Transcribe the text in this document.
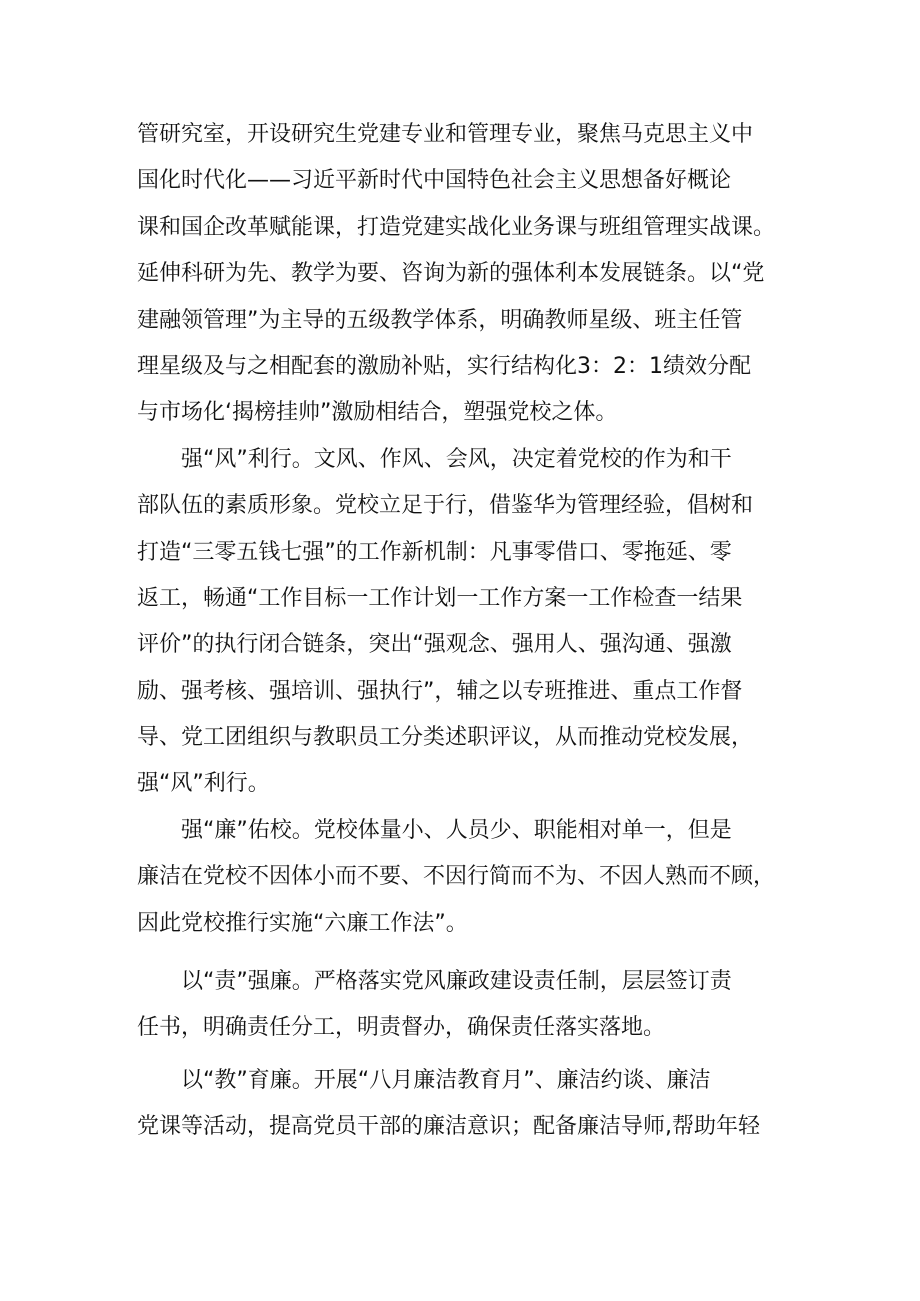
管研究室，开设研究生党建专业和管理专业，聚焦马克思主义中
国化时代化——习近平新时代中国特色社会主义思想备好概论
课和国企改革赋能课，打造党建实战化业务课与班组管理实战课。
延伸科研为先、教学为要、咨询为新的强体利本发展链条。以“党
建融领管理”为主导的五级教学体系，明确教师星级、班主任管
理星级及与之相配套的激励补贴，实行结构化3：2：1绩效分配
与市场化‘揭榜挂帅”激励相结合，塑强党校之体。
　　强“风”利行。文风、作风、会风，决定着党校的作为和干
部队伍的素质形象。党校立足于行，借鉴华为管理经验，倡树和
打造“三零五钱七强”的工作新机制：凡事零借口、零拖延、零
返工，畅通“工作目标一工作计划一工作方案一工作检查一结果
评价”的执行闭合链条，突出“强观念、强用人、强沟通、强激
励、强考核、强培训、强执行”，辅之以专班推进、重点工作督
导、党工团组织与教职员工分类述职评议，从而推动党校发展，
强“风”利行。
　　强“廉”佑校。党校体量小、人员少、职能相对单一，但是
廉洁在党校不因体小而不要、不因行简而不为、不因人熟而不顾，
因此党校推行实施“六廉工作法”。
　　以“责”强廉。严格落实党风廉政建设责任制，层层签订责
任书，明确责任分工，明责督办，确保责任落实落地。
　　以“教”育廉。开展“八月廉洁教育月”、廉洁约谈、廉洁
党课等活动，提高党员干部的廉洁意识；配备廉洁导师,帮助年轻
